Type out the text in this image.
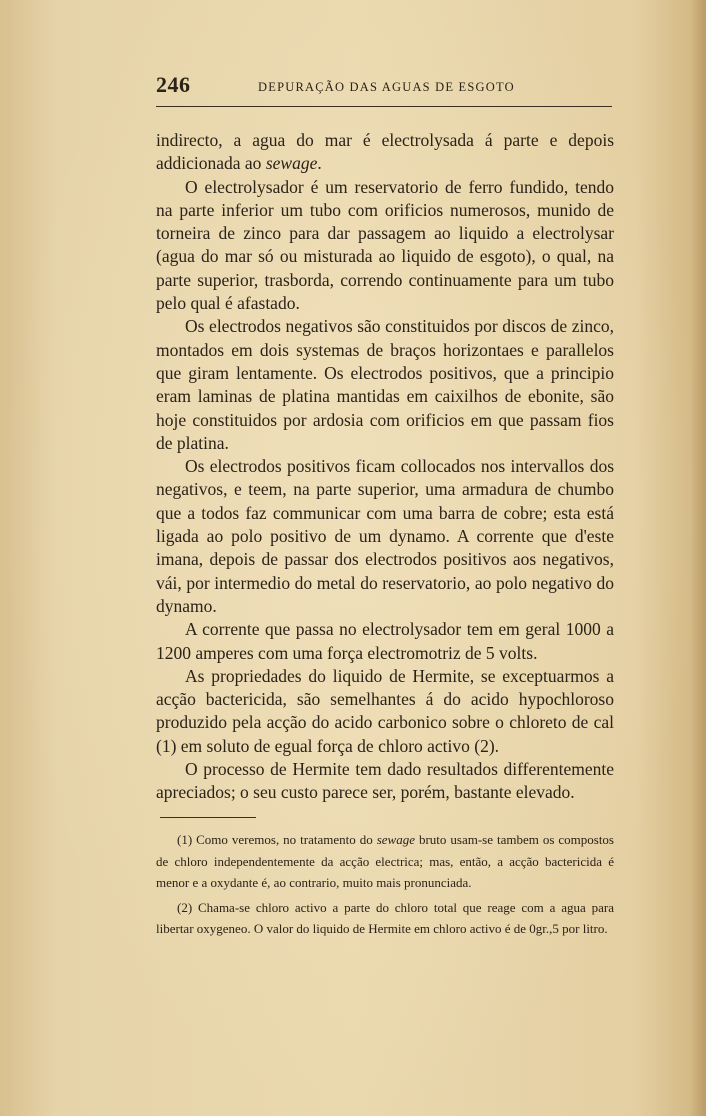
246	DEPURAÇÃO DAS AGUAS DE ESGOTO

indirecto, a agua do mar é electrolysada á parte e depois addicionada ao sewage.

O electrolysador é um reservatorio de ferro fundido, tendo na parte inferior um tubo com orificios numerosos, munido de torneira de zinco para dar passagem ao liquido a electrolysar (agua do mar só ou misturada ao liquido de esgoto), o qual, na parte superior, trasborda, correndo continuamente para um tubo pelo qual é afastado.

Os electrodos negativos são constituidos por discos de zinco, montados em dois systemas de braços horizontaes e parallelos que giram lentamente. Os electrodos positivos, que a principio eram laminas de platina mantidas em caixilhos de ebonite, são hoje constituidos por ardosia com orificios em que passam fios de platina.

Os electrodos positivos ficam collocados nos intervallos dos negativos, e teem, na parte superior, uma armadura de chumbo que a todos faz communicar com uma barra de cobre; esta está ligada ao polo positivo de um dynamo. A corrente que d'este imana, depois de passar dos electrodos positivos aos negativos, vái, por intermedio do metal do reservatorio, ao polo negativo do dynamo.

A corrente que passa no electrolysador tem em geral 1000 a 1200 amperes com uma força electromotriz de 5 volts.

As propriedades do liquido de Hermite, se exceptuarmos a acção bactericida, são semelhantes á do acido hypochloroso produzido pela acção do acido carbonico sobre o chloreto de cal (1) em soluto de egual força de chloro activo (2).

O processo de Hermite tem dado resultados differentemente apreciados; o seu custo parece ser, porém, bastante elevado.

(1) Como veremos, no tratamento do sewage bruto usam-se tambem os compostos de chloro independentemente da acção electrica; mas, então, a acção bactericida é menor e a oxydante é, ao contrario, muito mais pronunciada.

(2) Chama-se chloro activo a parte do chloro total que reage com a agua para libertar oxygeneo. O valor do liquido de Hermite em chloro activo é de 0gr.,5 por litro.
